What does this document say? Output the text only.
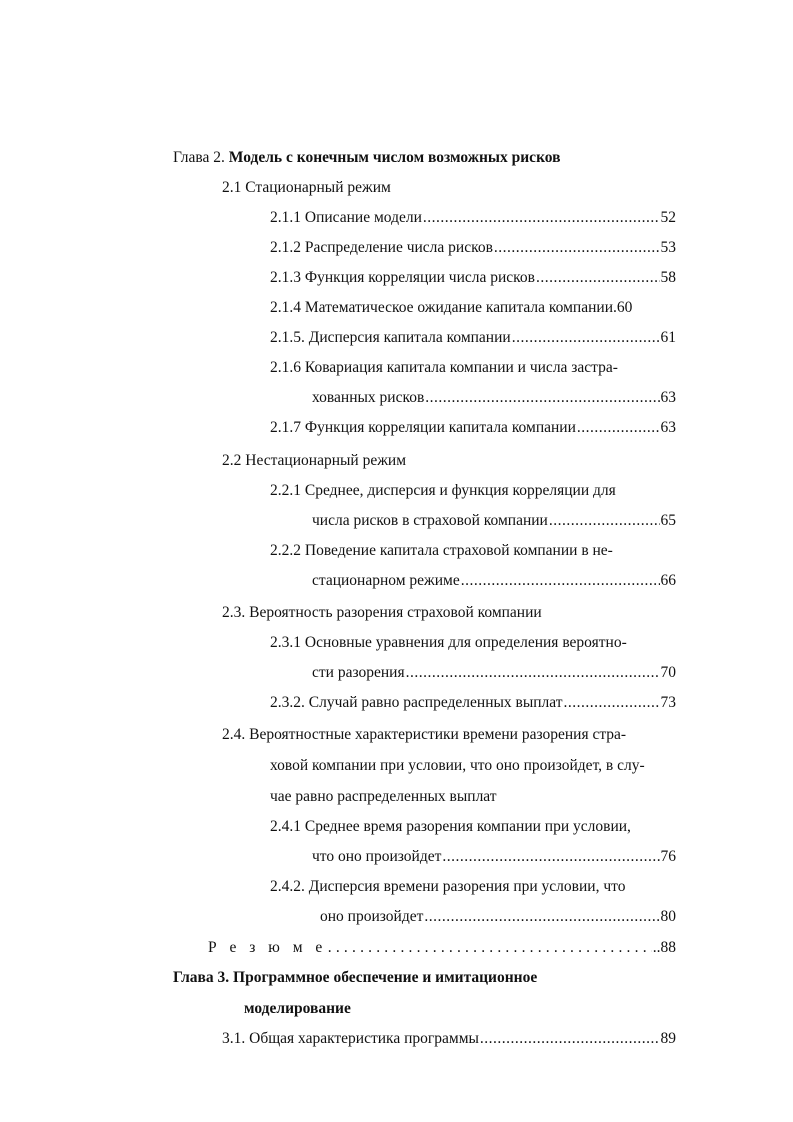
Глава 2. Модель с конечным числом возможных рисков
2.1 Стационарный режим
2.1.1 Описание модели .....	52
2.1.2 Распределение числа рисков .....	53
2.1.3 Функция корреляции числа рисков .....	58
2.1.4 Математическое ожидание капитала компании.60
2.1.5. Дисперсия капитала компании .....	61
2.1.6 Ковариация капитала компании и числа застра-
хованных рисков .....	63
2.1.7 Функция корреляции капитала компании .....	63
2.2 Нестационарный режим
2.2.1 Среднее, дисперсия и функция корреляции для
числа рисков в страховой компании .....	65
2.2.2 Поведение капитала страховой компании в не-
стационарном режиме .....	66
2.3. Вероятность разорения страховой компании
2.3.1 Основные уравнения для определения вероятно-
сти разорения .....	70
2.3.2. Случай равно распределенных выплат .....	73
2.4. Вероятностные характеристики времени разорения стра-
ховой компании при условии, что оно произойдет, в слу-
чае равно распределенных выплат
2.4.1 Среднее время разорения компании при условии,
что оно произойдет .....	76
2.4.2. Дисперсия времени разорения при условии, что
оно произойдет .....	80
Р е з ю м е .....	..88
Глава 3. Программное обеспечение и имитационное
моделирование
3.1. Общая характеристика программы .....	89
